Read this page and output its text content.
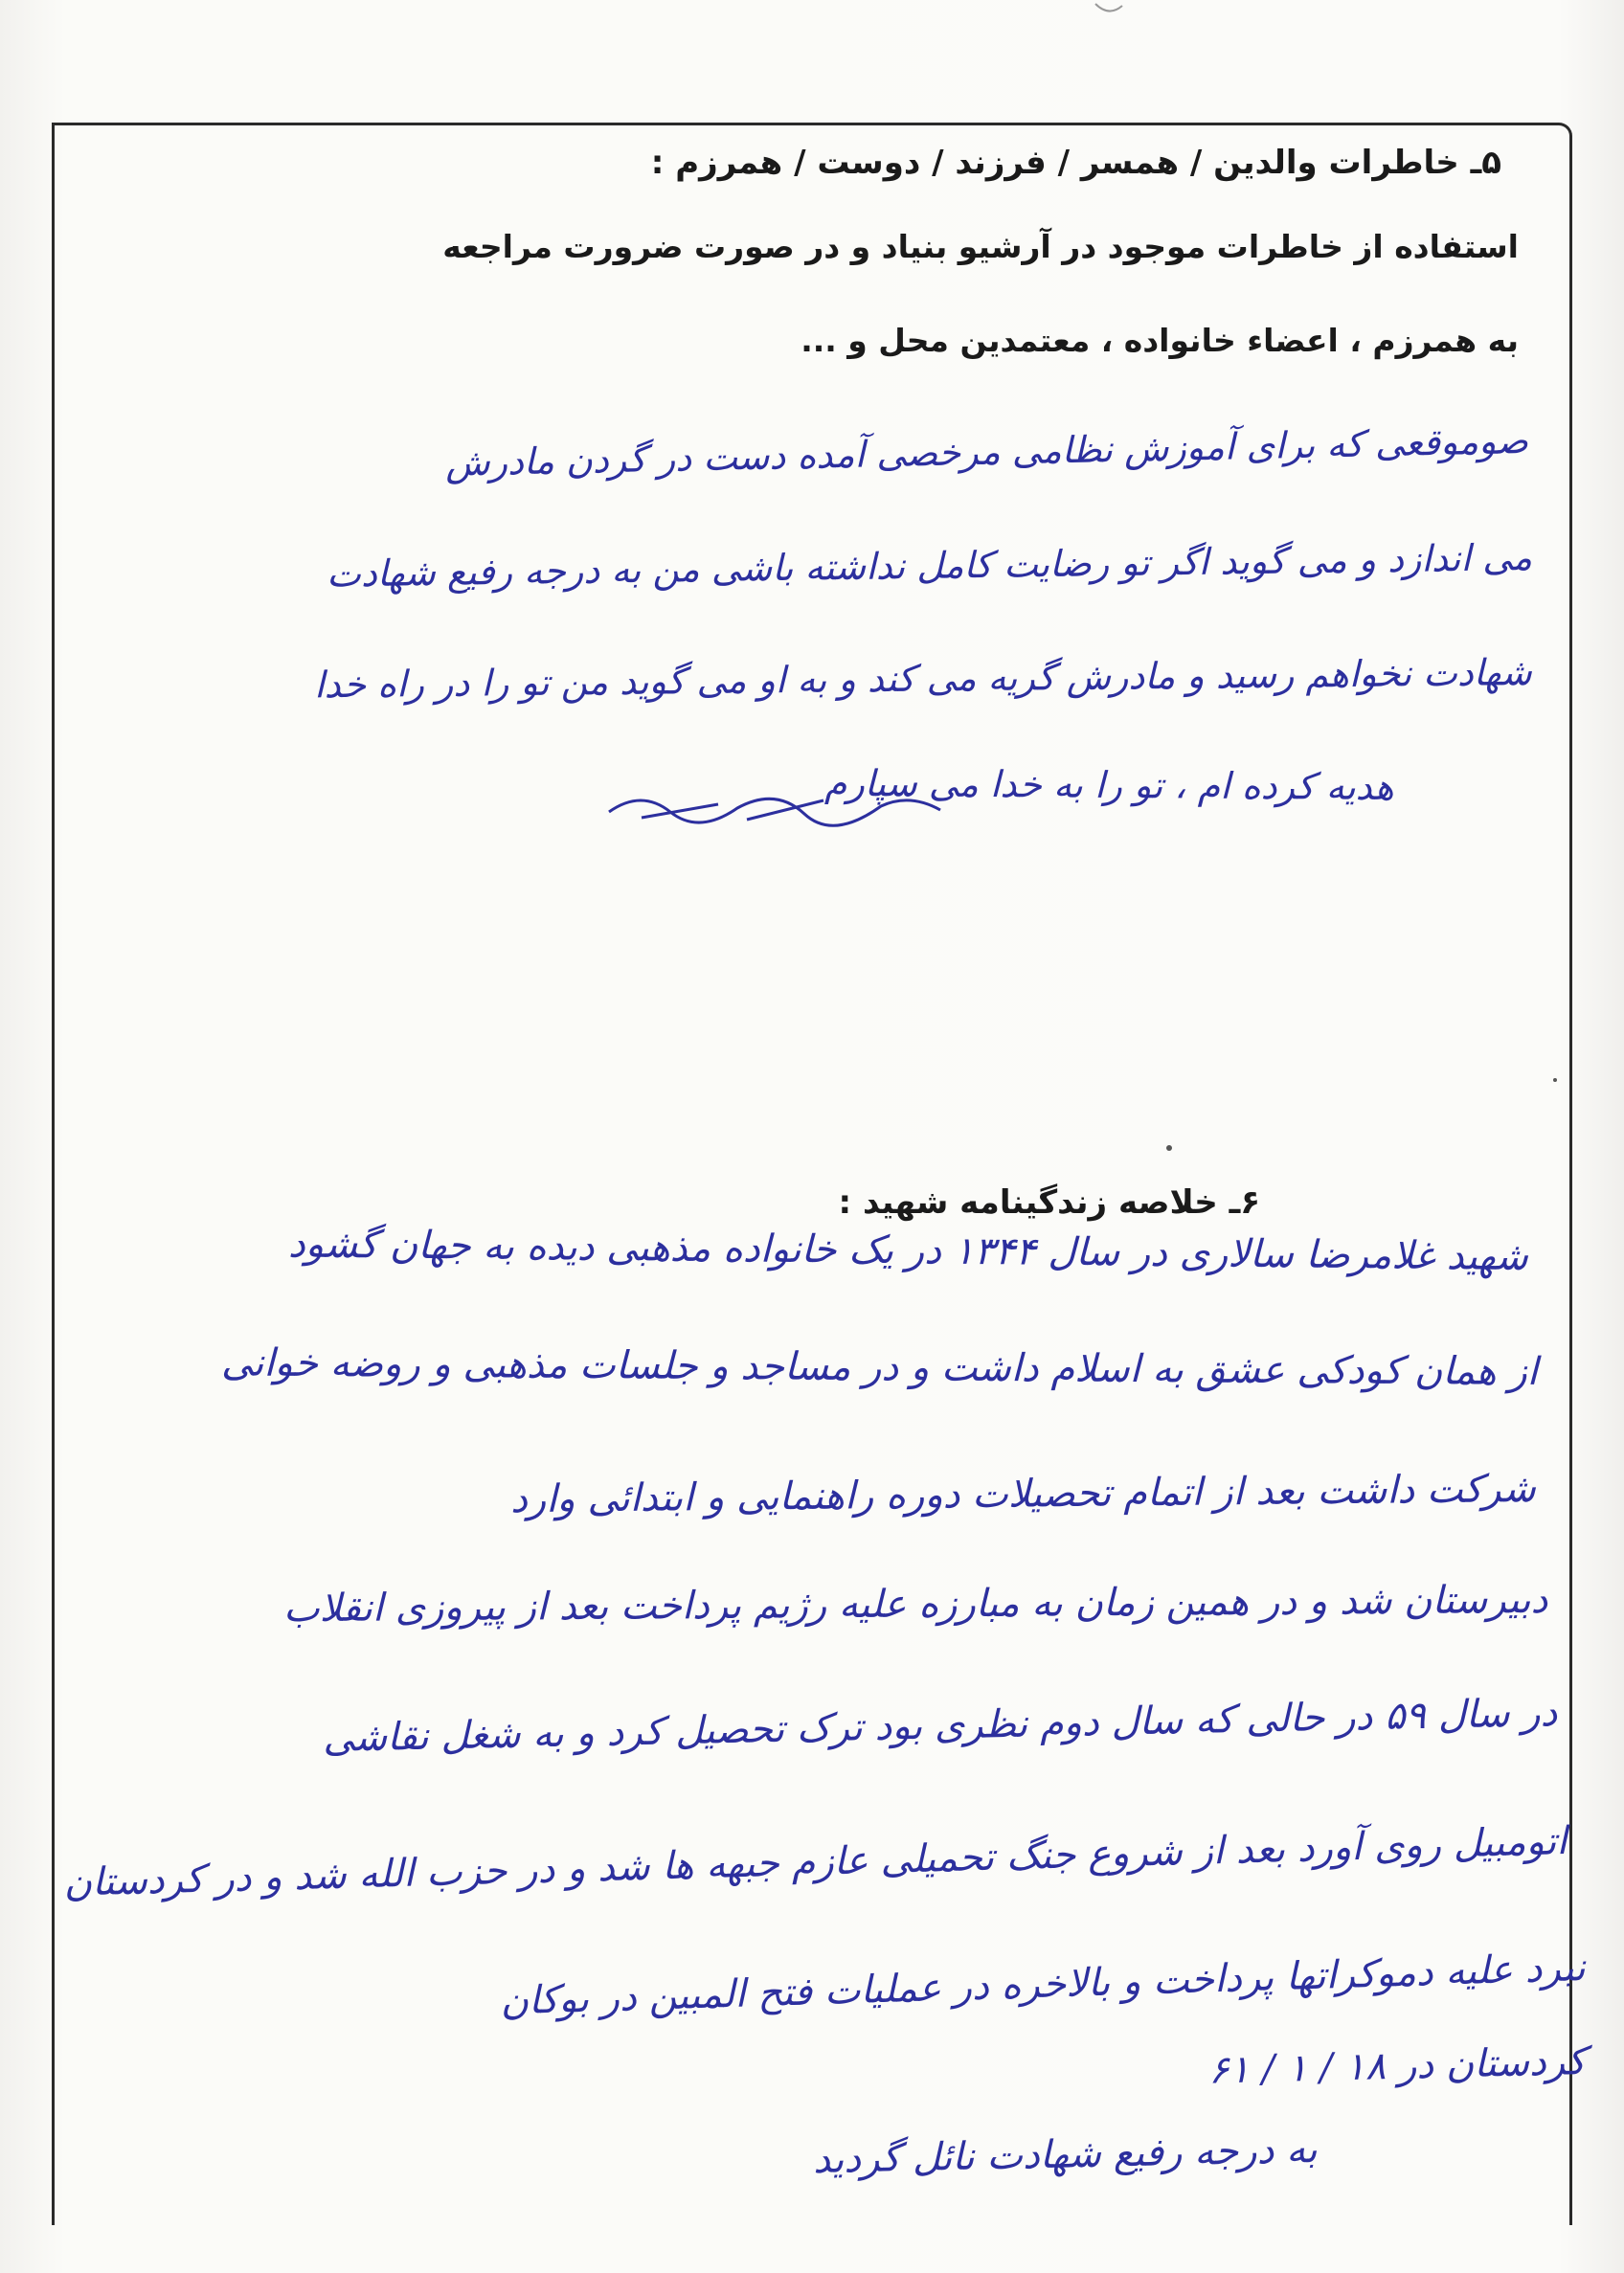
۵ـ خاطرات والدین / همسر / فرزند / دوست / همرزم :
استفاده از خاطرات موجود در آرشیو بنیاد و در صورت ضرورت مراجعه
به همرزم ، اعضاء خانواده ، معتمدین محل و ...
صوموقعی که برای آموزش نظامی مرخصی آمده دست در گردن مادرش
می اندازد و می گوید اگر تو رضایت کامل نداشته باشی من به درجه رفیع شهادت
شهادت نخواهم رسید و مادرش گریه می کند و به او می گوید من تو را در راه خدا
هدیه کرده ام ، تو را به خدا می سپارم
۶ـ خلاصه زندگینامه شهید :
شهید غلامرضا سالاری در سال ۱۳۴۴ در یک خانواده مذهبی دیده به جهان گشود
از همان کودکی عشق به اسلام داشت و در مساجد و جلسات مذهبی و روضه خوانی
شرکت داشت بعد از اتمام تحصیلات دوره راهنمایی و ابتدائی وارد
دبیرستان شد و در همین زمان به مبارزه علیه رژیم پرداخت بعد از پیروزی انقلاب
در سال ۵۹ در حالی که سال دوم نظری بود ترک تحصیل کرد و به شغل نقاشی
اتومبیل روی آورد بعد از شروع جنگ تحمیلی عازم جبهه ها شد و در حزب الله شد و در کردستان
نبرد علیه دموکراتها پرداخت و بالاخره در عملیات فتح المبین در بوکان
کردستان در ۱۸ / ۱ / ۶۱
به درجه رفیع شهادت نائل گردید
